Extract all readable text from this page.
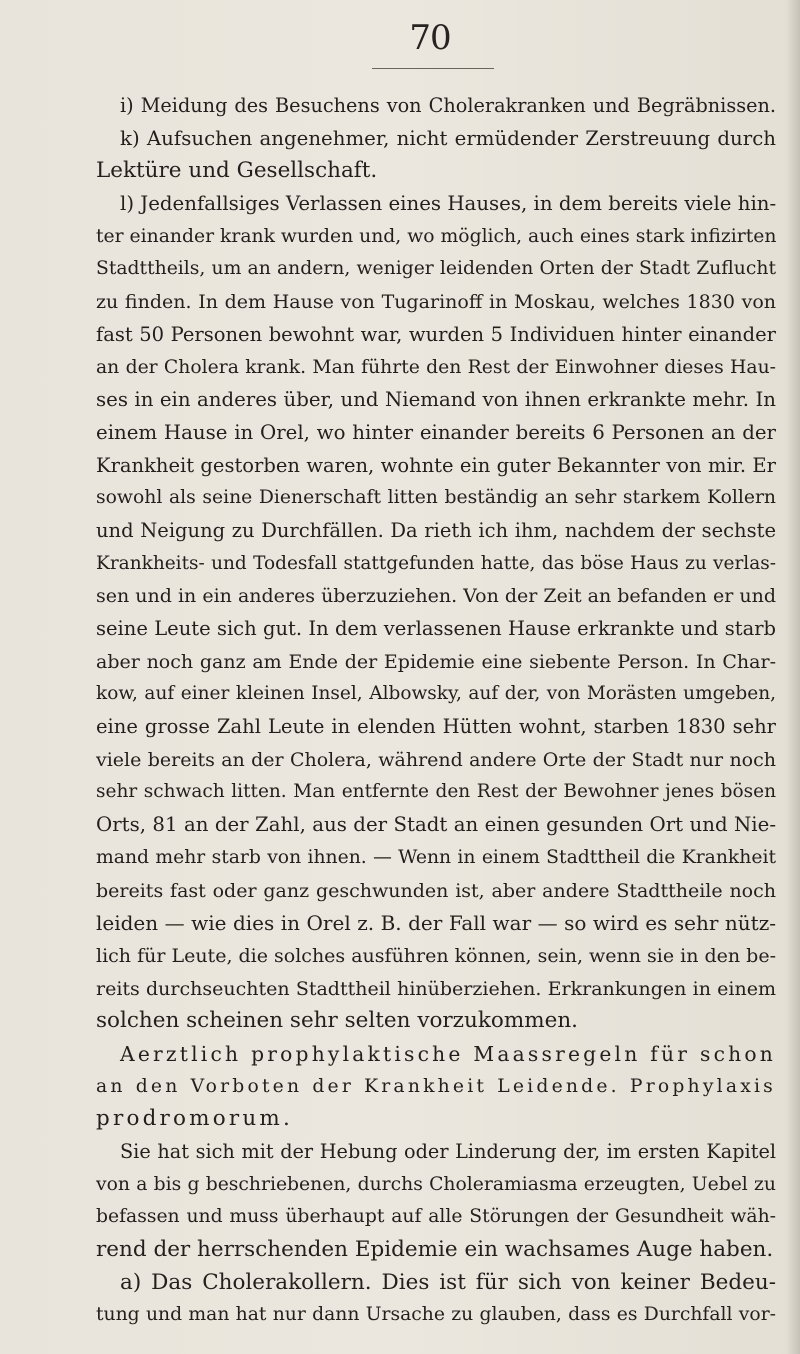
70
i) Meidung des Besuchens von Cholerakranken und Begräbnissen.
k) Aufsuchen angenehmer, nicht ermüdender Zerstreuung durch
Lektüre und Gesellschaft.
l) Jedenfallsiges Verlassen eines Hauses, in dem bereits viele hin-
ter einander krank wurden und, wo möglich, auch eines stark infizirten
Stadttheils, um an andern, weniger leidenden Orten der Stadt Zuflucht
zu finden. In dem Hause von Tugarinoff in Moskau, welches 1830 von
fast 50 Personen bewohnt war, wurden 5 Individuen hinter einander
an der Cholera krank. Man führte den Rest der Einwohner dieses Hau-
ses in ein anderes über, und Niemand von ihnen erkrankte mehr. In
einem Hause in Orel, wo hinter einander bereits 6 Personen an der
Krankheit gestorben waren, wohnte ein guter Bekannter von mir. Er
sowohl als seine Dienerschaft litten beständig an sehr starkem Kollern
und Neigung zu Durchfällen. Da rieth ich ihm, nachdem der sechste
Krankheits- und Todesfall stattgefunden hatte, das böse Haus zu verlas-
sen und in ein anderes überzuziehen. Von der Zeit an befanden er und
seine Leute sich gut. In dem verlassenen Hause erkrankte und starb
aber noch ganz am Ende der Epidemie eine siebente Person. In Char-
kow, auf einer kleinen Insel, Albowsky, auf der, von Morästen umgeben,
eine grosse Zahl Leute in elenden Hütten wohnt, starben 1830 sehr
viele bereits an der Cholera, während andere Orte der Stadt nur noch
sehr schwach litten. Man entfernte den Rest der Bewohner jenes bösen
Orts, 81 an der Zahl, aus der Stadt an einen gesunden Ort und Nie-
mand mehr starb von ihnen. — Wenn in einem Stadttheil die Krankheit
bereits fast oder ganz geschwunden ist, aber andere Stadttheile noch
leiden — wie dies in Orel z. B. der Fall war — so wird es sehr nütz-
lich für Leute, die solches ausführen können, sein, wenn sie in den be-
reits durchseuchten Stadttheil hinüberziehen. Erkrankungen in einem
solchen scheinen sehr selten vorzukommen.
Aerztlich prophylaktische Maassregeln für schon
an den Vorboten der Krankheit Leidende. Prophylaxis
prodromorum.
Sie hat sich mit der Hebung oder Linderung der, im ersten Kapitel
von a bis g beschriebenen, durchs Choleramiasma erzeugten, Uebel zu
befassen und muss überhaupt auf alle Störungen der Gesundheit wäh-
rend der herrschenden Epidemie ein wachsames Auge haben.
a) Das Cholerakollern. Dies ist für sich von keiner Bedeu-
tung und man hat nur dann Ursache zu glauben, dass es Durchfall vor-
